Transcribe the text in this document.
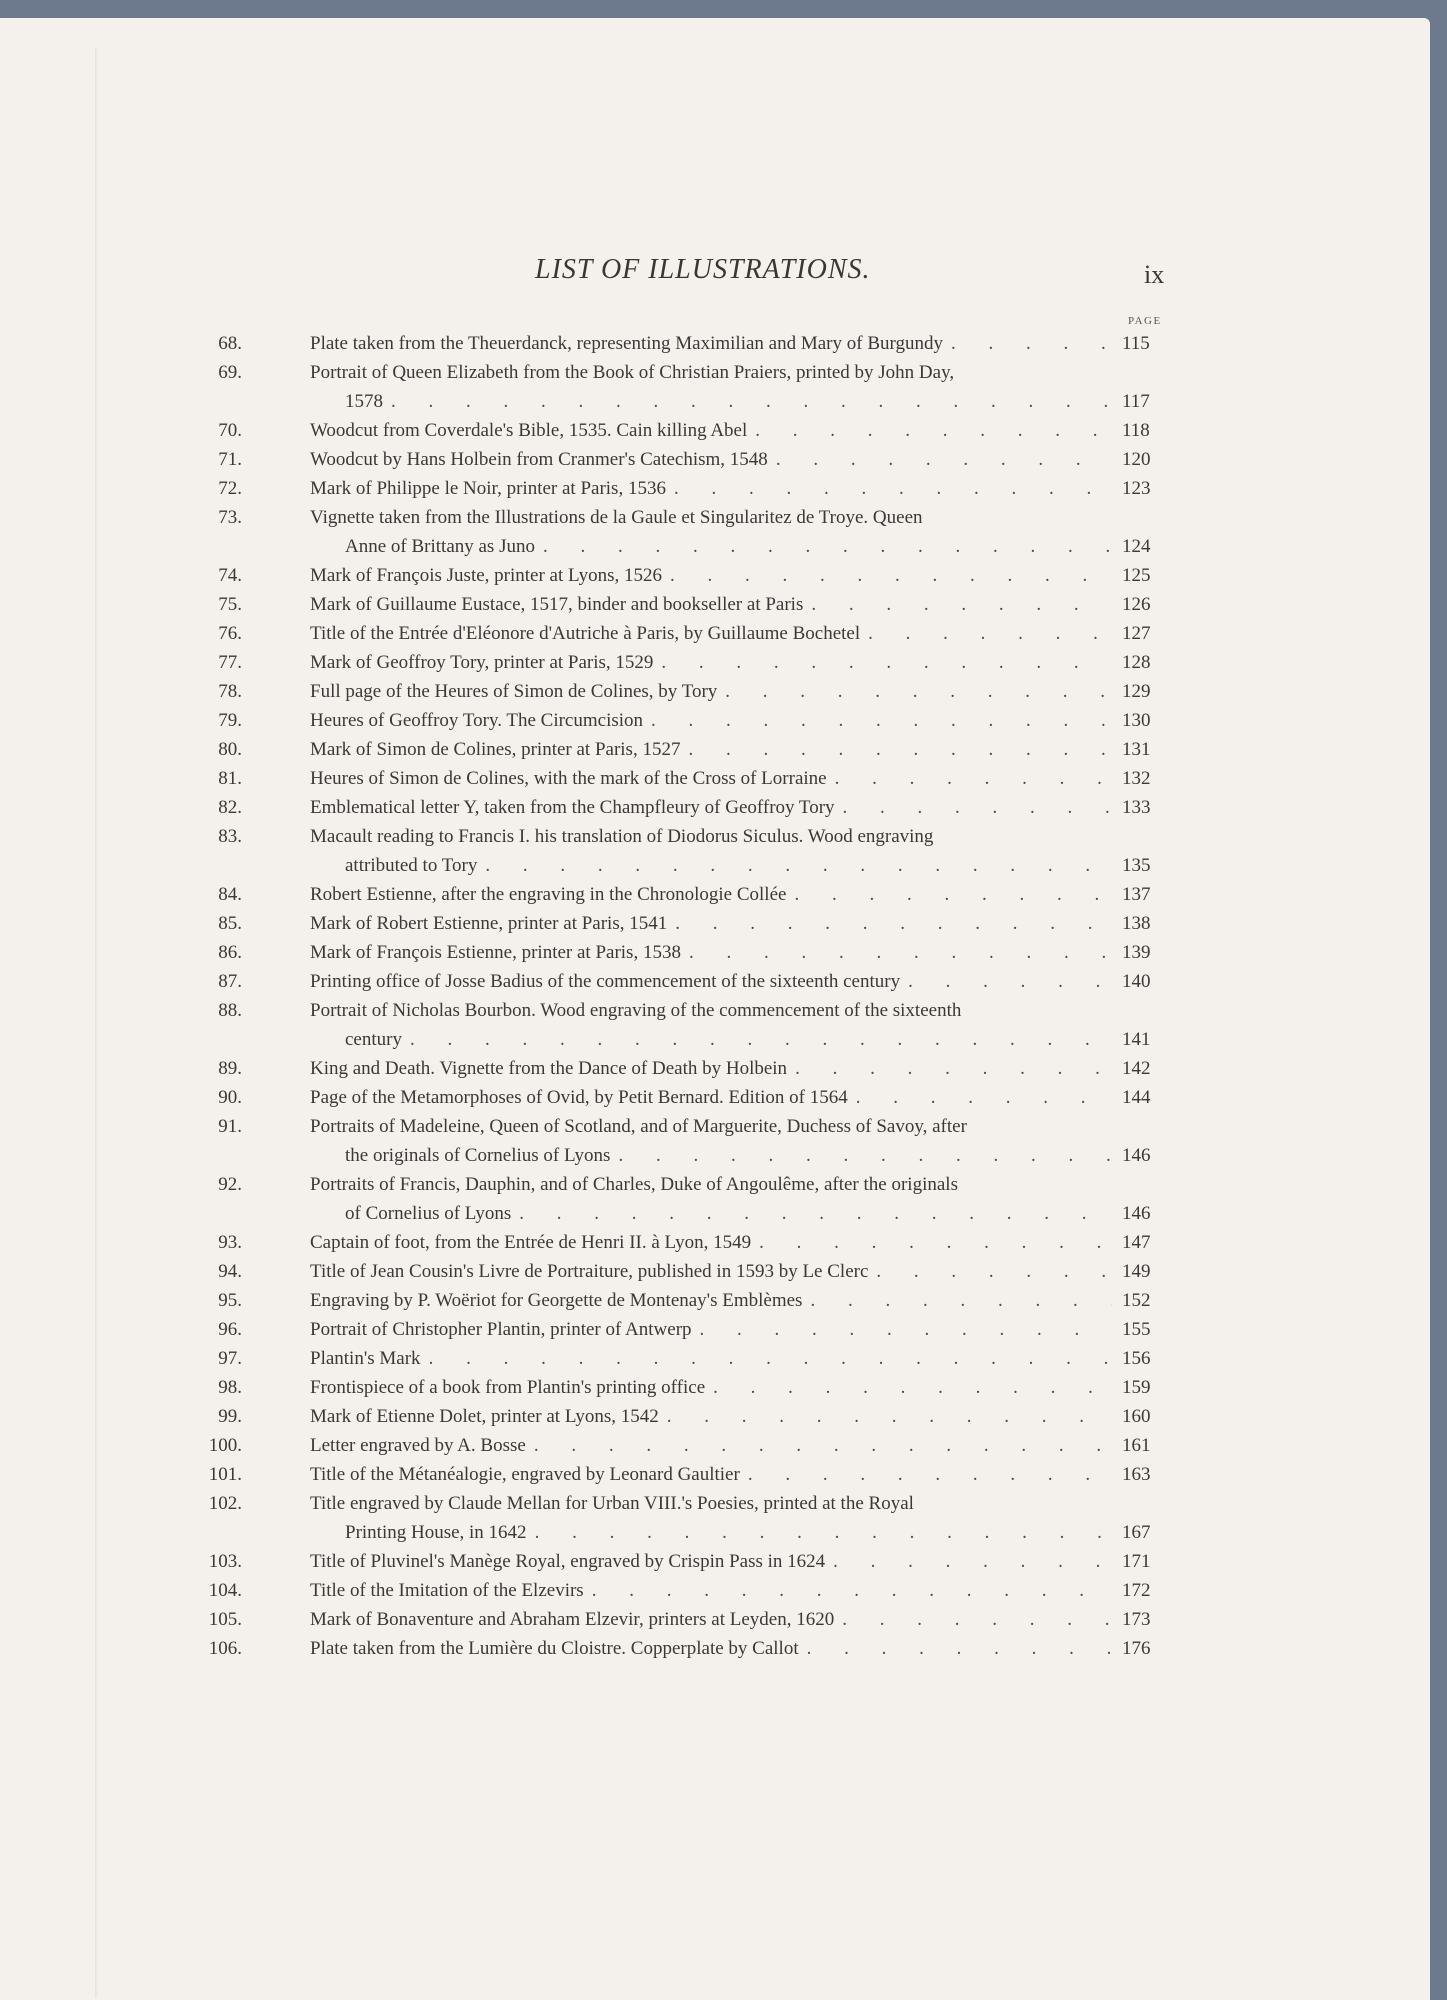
LIST OF ILLUSTRATIONS.	ix
PAGE
68.	Plate taken from the Theuerdanck, representing Maximilian and Mary of Burgundy . . .	115
69.	Portrait of Queen Elizabeth from the Book of Christian Praiers, printed by John Day,
1578 . . .	117
70.	Woodcut from Coverdale's Bible, 1535. Cain killing Abel . . .	118
71.	Woodcut by Hans Holbein from Cranmer's Catechism, 1548 . . .	120
72.	Mark of Philippe le Noir, printer at Paris, 1536 . . .	123
73.	Vignette taken from the Illustrations de la Gaule et Singularitez de Troye. Queen
Anne of Brittany as Juno . . .	124
74.	Mark of François Juste, printer at Lyons, 1526 . . .	125
75.	Mark of Guillaume Eustace, 1517, binder and bookseller at Paris . . .	126
76.	Title of the Entrée d'Eléonore d'Autriche à Paris, by Guillaume Bochetel . . .	127
77.	Mark of Geoffroy Tory, printer at Paris, 1529 . . .	128
78.	Full page of the Heures of Simon de Colines, by Tory . . .	129
79.	Heures of Geoffroy Tory. The Circumcision . . .	130
80.	Mark of Simon de Colines, printer at Paris, 1527 . . .	131
81.	Heures of Simon de Colines, with the mark of the Cross of Lorraine . . .	132
82.	Emblematical letter Y, taken from the Champfleury of Geoffroy Tory . . .	133
83.	Macault reading to Francis I. his translation of Diodorus Siculus. Wood engraving
attributed to Tory . . .	135
84.	Robert Estienne, after the engraving in the Chronologie Collée . . .	137
85.	Mark of Robert Estienne, printer at Paris, 1541 . . .	138
86.	Mark of François Estienne, printer at Paris, 1538 . . .	139
87.	Printing office of Josse Badius of the commencement of the sixteenth century . . .	140
88.	Portrait of Nicholas Bourbon. Wood engraving of the commencement of the sixteenth
century . . .	141
89.	King and Death. Vignette from the Dance of Death by Holbein . . .	142
90.	Page of the Metamorphoses of Ovid, by Petit Bernard. Edition of 1564 . . .	144
91.	Portraits of Madeleine, Queen of Scotland, and of Marguerite, Duchess of Savoy, after
the originals of Cornelius of Lyons . . .	146
92.	Portraits of Francis, Dauphin, and of Charles, Duke of Angoulême, after the originals
of Cornelius of Lyons . . .	146
93.	Captain of foot, from the Entrée de Henri II. à Lyon, 1549 . . .	147
94.	Title of Jean Cousin's Livre de Portraiture, published in 1593 by Le Clerc . . .	149
95.	Engraving by P. Woëriot for Georgette de Montenay's Emblèmes . . .	152
96.	Portrait of Christopher Plantin, printer of Antwerp . . .	155
97.	Plantin's Mark . . .	156
98.	Frontispiece of a book from Plantin's printing office . . .	159
99.	Mark of Etienne Dolet, printer at Lyons, 1542 . . .	160
100.	Letter engraved by A. Bosse . . .	161
101.	Title of the Métanéalogie, engraved by Leonard Gaultier . . .	163
102.	Title engraved by Claude Mellan for Urban VIII.'s Poesies, printed at the Royal
Printing House, in 1642 . . .	167
103.	Title of Pluvinel's Manège Royal, engraved by Crispin Pass in 1624 . . .	171
104.	Title of the Imitation of the Elzevirs . . .	172
105.	Mark of Bonaventure and Abraham Elzevir, printers at Leyden, 1620 . . .	173
106.	Plate taken from the Lumière du Cloistre. Copperplate by Callot . . .	176
